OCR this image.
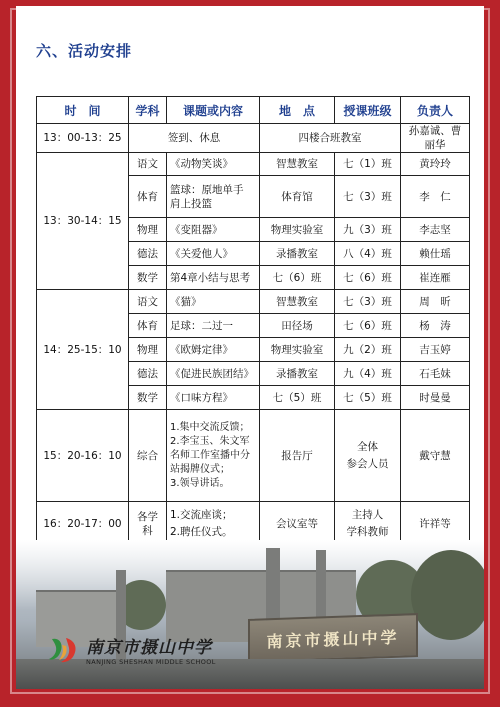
六、活动安排
时　间	学科	课题或内容	地　点	授课班级	负责人
13：00-13：25	签到、休息		四楼合班教室		孙嘉诚、曹丽华
13：30-14：15	语文	《动物笑谈》	智慧教室	七（1）班	黄玲玲
	体育	篮球：原地单手
肩上投篮	体育馆	七（3）班	李　仁
	物理	《变阻器》	物理实验室	九（3）班	李志坚
	德法	《关爱他人》	录播教室	八（4）班	赖仕瑶
	数学	第4章小结与思考	七（6）班	七（6）班	崔连雁
14：25-15：10	语文	《猫》	智慧教室	七（3）班	周　昕
	体育	足球：二过一	田径场	七（6）班	杨　涛
	物理	《欧姆定律》	物理实验室	九（2）班	吉玉婷
	德法	《促进民族团结》	录播教室	九（4）班	石毛妹
	数学	《口味方程》	七（5）班	七（5）班	时曼曼
15：20-16：10	综合	1.集中交流反馈；
2.李宝玉、朱文军
名师工作室播中分
站揭牌仪式；
3.领导讲话。	报告厅	全体
参会人员	戴守慧
16：20-17：00	各学科	1.交流座谈；
2.聘任仪式。	会议室等	主持人
学科教师	许祥等
南京市摄山中学
南京市摄山中学
NANJING SHESHAN MIDDLE SCHOOL
